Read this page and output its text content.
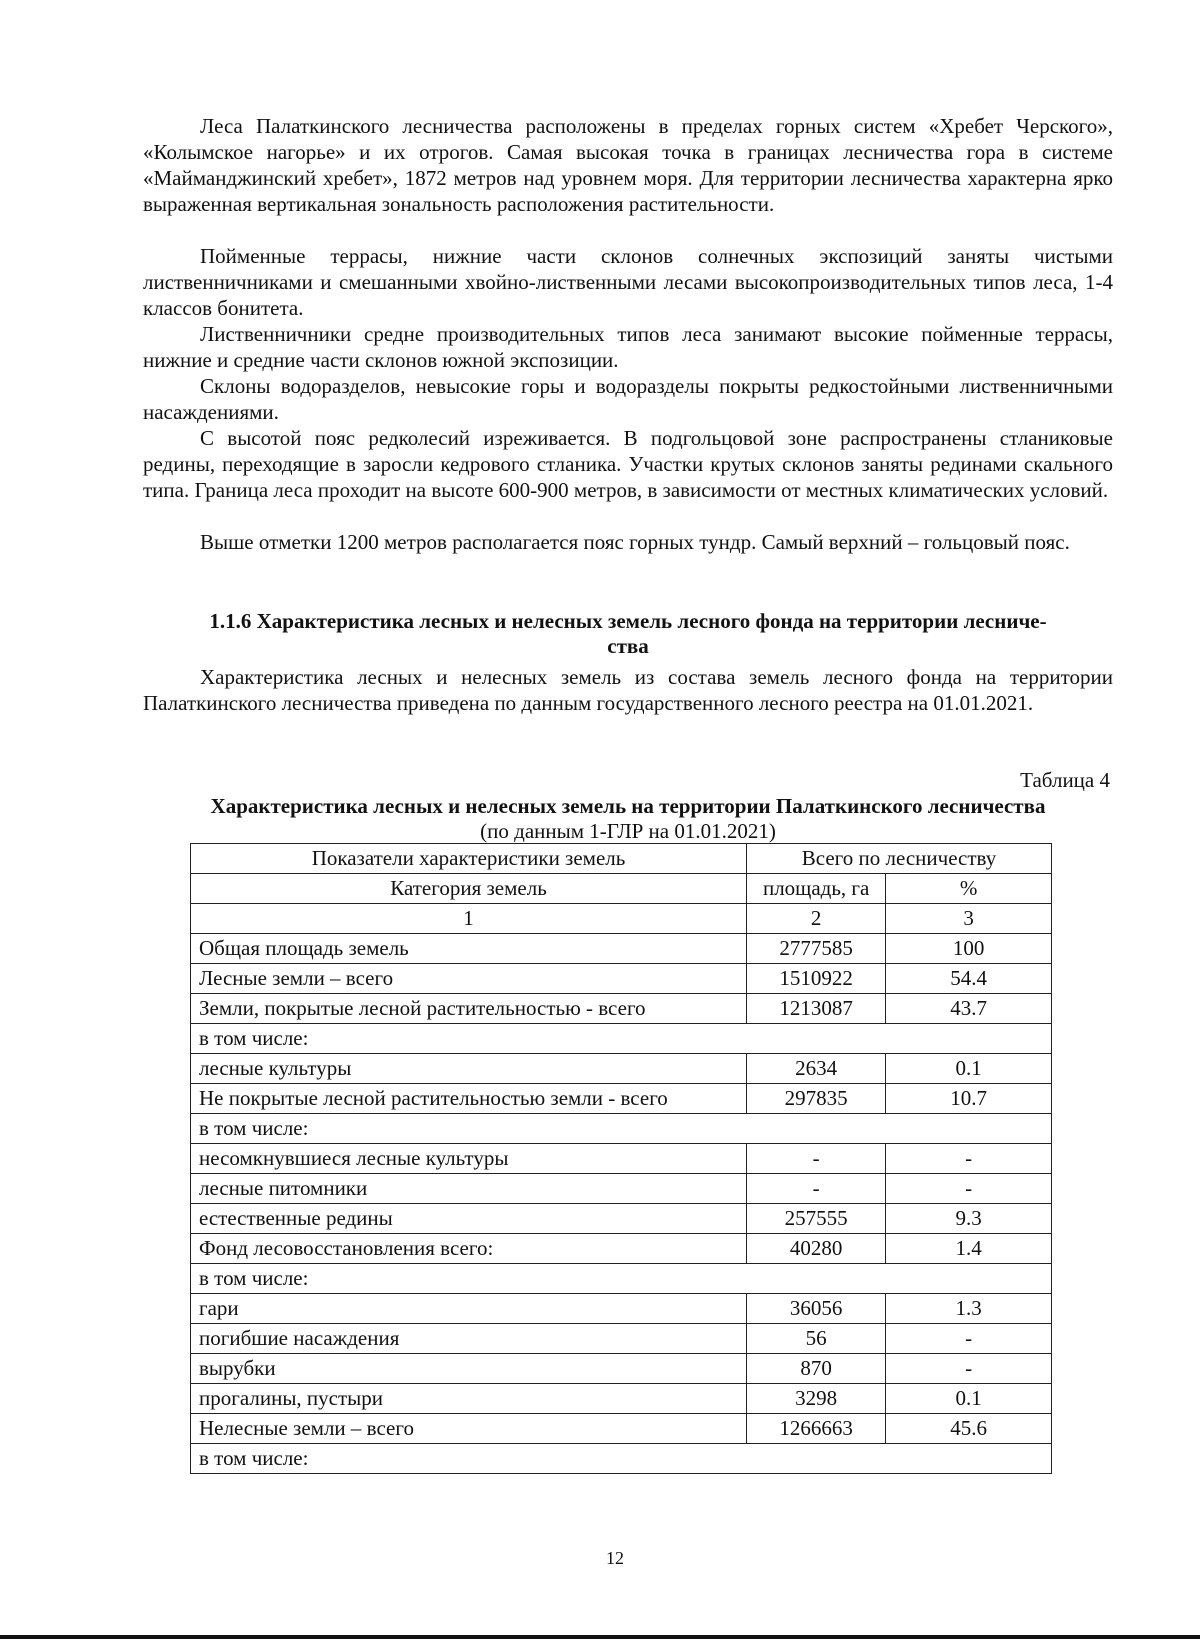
Леса Палаткинского лесничества расположены в пределах горных систем «Хребет Черского», «Колымское нагорье» и их отрогов. Самая высокая точка в границах лесничества гора в системе «Майманджинский хребет», 1872 метров над уровнем моря. Для территории лесничества характерна ярко выраженная вертикальная зональность расположения растительности.

Пойменные террасы, нижние части склонов солнечных экспозиций заняты чистыми лиственничниками и смешанными хвойно-лиственными лесами высокопроизводительных типов леса, 1-4 классов бонитета.

Лиственничники средне производительных типов леса занимают высокие пойменные террасы, нижние и средние части склонов южной экспозиции.

Склоны водоразделов, невысокие горы и водоразделы покрыты редкостойными лиственничными насаждениями.

С высотой пояс редколесий изреживается. В подгольцовой зоне распространены стланиковые редины, переходящие в заросли кедрового стланика. Участки крутых склонов заняты рединами скального типа. Граница леса проходит на высоте 600-900 метров, в зависимости от местных климатических условий.

Выше отметки 1200 метров располагается пояс горных тундр. Самый верхний – гольцовый пояс.

1.1.6 Характеристика лесных и нелесных земель лесного фонда на территории лесниче-

ства

Характеристика лесных и нелесных земель из состава земель лесного фонда на территории Палаткинского лесничества приведена по данным государственного лесного реестра на 01.01.2021.

Таблица 4
Характеристика лесных и нелесных земель на территории Палаткинского лесничества
(по данным 1-ГЛР на 01.01.2021)
Показатели характеристики земель	Всего по лесничеству	
Категория земель	площадь, га	%
1	2	3
Общая площадь земель	2777585	100
Лесные земли – всего	1510922	54.4
Земли, покрытые лесной растительностью - всего	1213087	43.7
в том числе:		
лесные культуры	2634	0.1
Не покрытые лесной растительностью земли - всего	297835	10.7
в том числе:		
несомкнувшиеся лесные культуры	-	-
лесные питомники	-	-
естественные редины	257555	9.3
Фонд лесовосстановления всего:	40280	1.4
в том числе:		
гари	36056	1.3
погибшие насаждения	56	-
вырубки	870	-
прогалины, пустыри	3298	0.1
Нелесные земли – всего	1266663	45.6
в том числе:		
12
